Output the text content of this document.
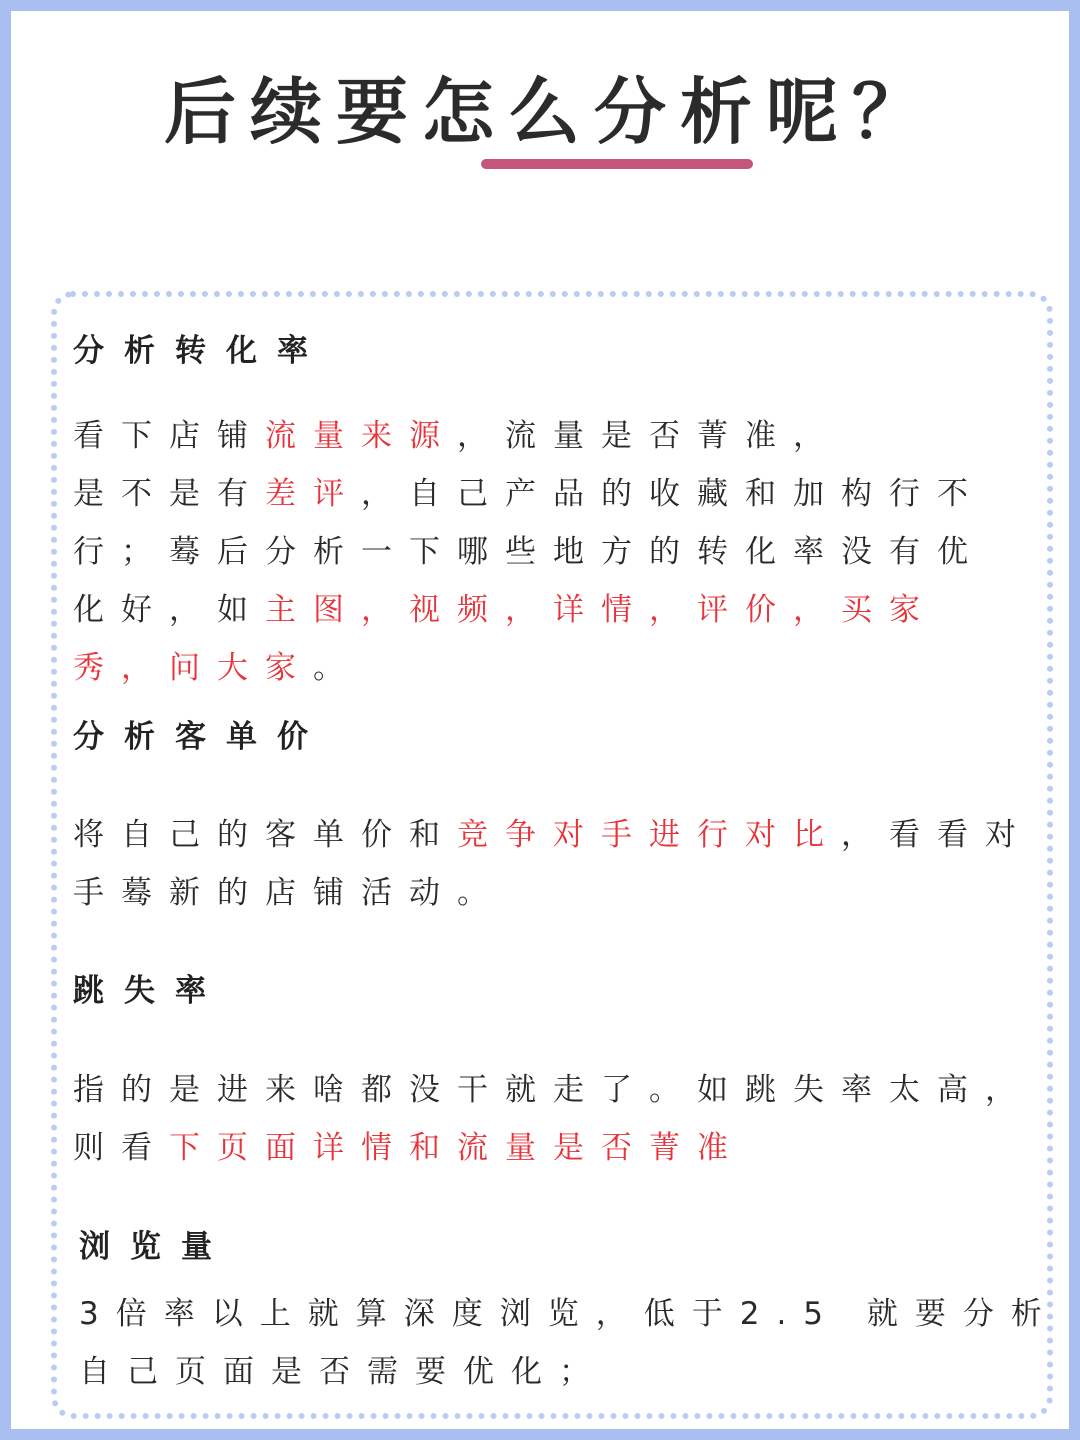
后续要怎么分析呢？
分析转化率
看下店铺流量来源，流量是否菁准，
是不是有差评，自己产品的收藏和加构行不
行；蓦后分析一下哪些地方的转化率没有优
化好，如主图，视频，详情，评价，买家
秀，问大家。
分析客单价
将自己的客单价和竞争对手进行对比，看看对
手蓦新的店铺活动。
跳失率
指的是进来啥都没干就走了。如跳失率太高，
则看下页面详情和流量是否菁准
浏览量
3倍率以上就算深度浏览，低于2.5 就要分析
自己页面是否需要优化；
